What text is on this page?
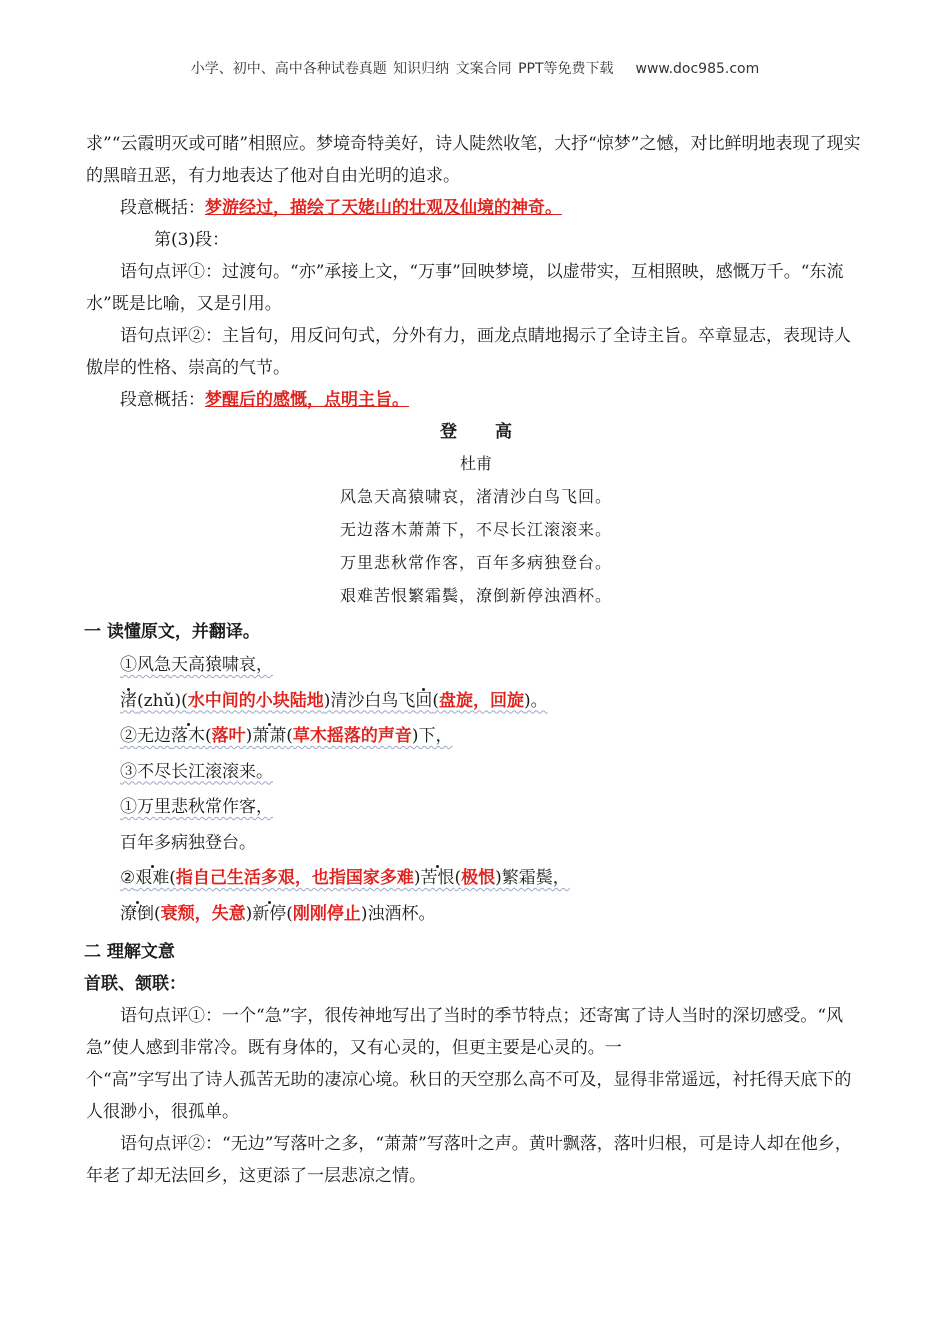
小学、初中、高中各种试卷真题 知识归纳 文案合同 PPT等免费下载 www.doc985.com

求”“云霞明灭或可睹”相照应。梦境奇特美好，诗人陡然收笔，大抒“惊梦”之憾，对比鲜明地表现了现实的黑暗丑恶，有力地表达了他对自由光明的追求。

段意概括：梦游经过，描绘了天姥山的壮观及仙境的神奇。

第(3)段：

语句点评①：过渡句。“亦”承接上文，“万事”回映梦境，以虚带实，互相照映，感慨万千。“东流水”既是比喻，又是引用。

语句点评②：主旨句，用反问句式，分外有力，画龙点睛地揭示了全诗主旨。卒章显志，表现诗人傲岸的性格、崇高的气节。

段意概括：梦醒后的感慨，点明主旨。

登高
杜甫
风急天高猿啸哀，渚清沙白鸟飞回。
无边落木萧萧下，不尽长江滚滚来。
万里悲秋常作客，百年多病独登台。
艰难苦恨繁霜鬓，潦倒新停浊酒杯。
一 读懂原文，并翻译。

①风急天高猿啸哀，

渚(zhǔ)(水中间的小块陆地)清沙白鸟飞回(盘旋，回旋)。

②无边落木(落叶)萧萧(草木摇落的声音)下，

③不尽长江滚滚来。

①万里悲秋常作客，

百年多病独登台。

②艰难(指自己生活多艰，也指国家多难)苦恨(极恨)繁霜鬓，

潦倒(衰颓，失意)新停(刚刚停止)浊酒杯。

二 理解文意
首联、颔联：

语句点评①：一个“急”字，很传神地写出了当时的季节特点；还寄寓了诗人当时的深切感受。“风急”使人感到非常冷。既有身体的，又有心灵的，但更主要是心灵的。一

个“高”字写出了诗人孤苦无助的凄凉心境。秋日的天空那么高不可及，显得非常遥远，衬托得天底下的人很渺小，很孤单。

语句点评②：“无边”写落叶之多，“萧萧”写落叶之声。黄叶飘落，落叶归根，可是诗人却在他乡，年老了却无法回乡，这更添了一层悲凉之情。
